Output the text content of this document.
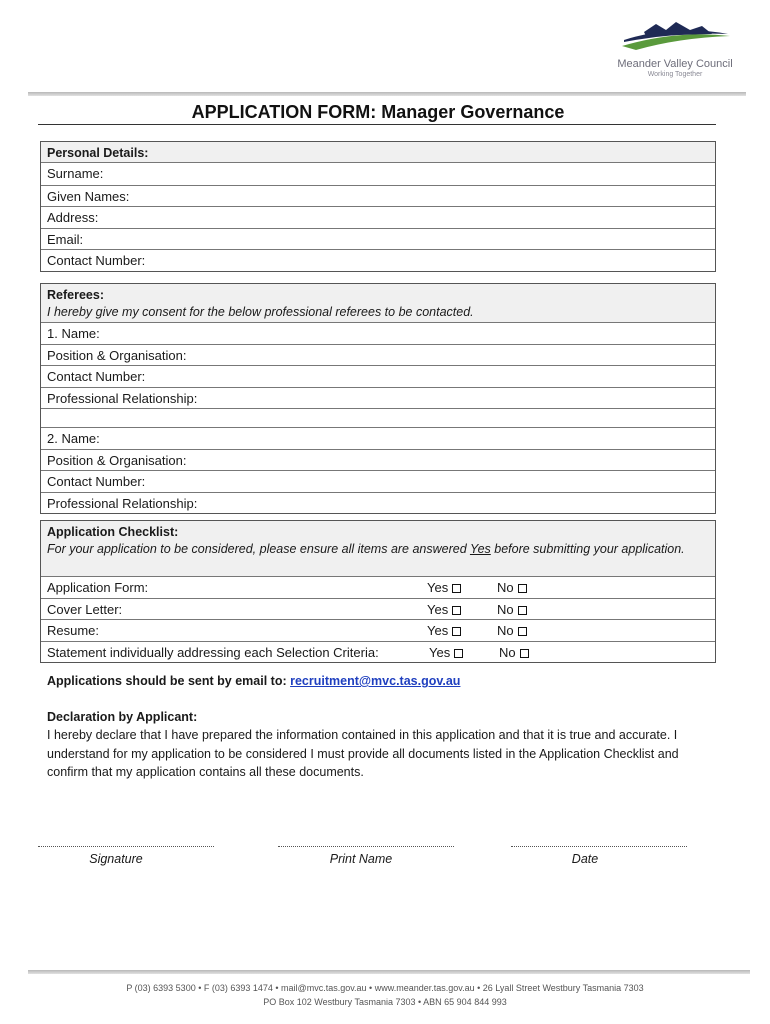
Meander Valley Council
Working Together
APPLICATION FORM: Manager Governance
Personal Details:
Surname:
Given Names:
Address:
Email:
Contact Number:
Referees:
I hereby give my consent for the below professional referees to be contacted.
1. Name:
Position & Organisation:
Contact Number:
Professional Relationship:
2. Name:
Position & Organisation:
Contact Number:
Professional Relationship:
Application Checklist:
For your application to be considered, please ensure all items are answered Yes before submitting your application.
Application Form:	Yes	No
Cover Letter:	Yes	No
Resume:	Yes	No
Statement individually addressing each Selection Criteria:	Yes	No
Applications should be sent by email to: recruitment@mvc.tas.gov.au
Declaration by Applicant:
I hereby declare that I have prepared the information contained in this application and that it is true and accurate. I understand for my application to be considered I must provide all documents listed in the Application Checklist and confirm that my application contains all these documents.
Signature	Print Name	Date
P (03) 6393 5300 • F (03) 6393 1474 • mail@mvc.tas.gov.au • www.meander.tas.gov.au • 26 Lyall Street Westbury Tasmania 7303
PO Box 102 Westbury Tasmania 7303 • ABN 65 904 844 993
